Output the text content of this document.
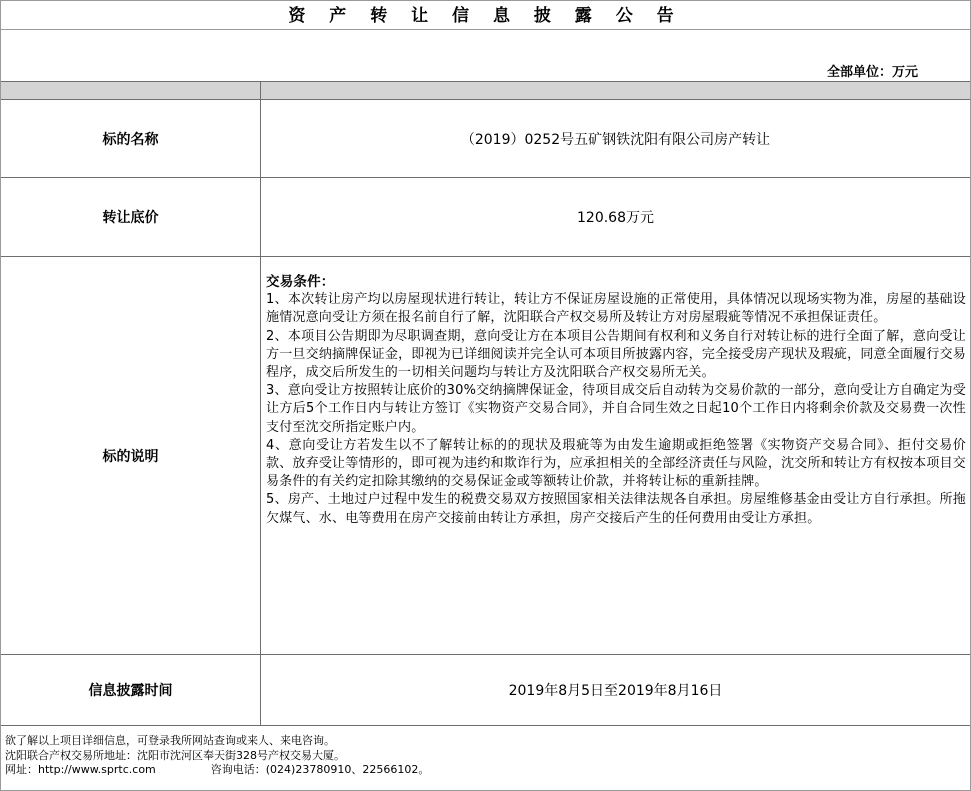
资 产 转 让 信 息 披 露 公 告
全部单位：万元
标的名称	（2019）0252号五矿钢铁沈阳有限公司房产转让
转让底价	120.68万元
标的说明

交易条件：

1、本次转让房产均以房屋现状进行转让，转让方不保证房屋设施的正常使用，具体情况以现场实物为准，房屋的基础设施情况意向受让方须在报名前自行了解，沈阳联合产权交易所及转让方对房屋瑕疵等情况不承担保证责任。

2、本项目公告期即为尽职调查期，意向受让方在本项目公告期间有权利和义务自行对转让标的进行全面了解，意向受让方一旦交纳摘牌保证金，即视为已详细阅读并完全认可本项目所披露内容，完全接受房产现状及瑕疵，同意全面履行交易程序，成交后所发生的一切相关问题均与转让方及沈阳联合产权交易所无关。

3、意向受让方按照转让底价的30%交纳摘牌保证金，待项目成交后自动转为交易价款的一部分，意向受让方自确定为受让方后5个工作日内与转让方签订《实物资产交易合同》，并自合同生效之日起10个工作日内将剩余价款及交易费一次性支付至沈交所指定账户内。

4、意向受让方若发生以不了解转让标的的现状及瑕疵等为由发生逾期或拒绝签署《实物资产交易合同》、拒付交易价款、放弃受让等情形的，即可视为违约和欺诈行为，应承担相关的全部经济责任与风险，沈交所和转让方有权按本项目交易条件的有关约定扣除其缴纳的交易保证金或等额转让价款，并将转让标的重新挂牌。

5、房产、土地过户过程中发生的税费交易双方按照国家相关法律法规各自承担。房屋维修基金由受让方自行承担。所拖欠煤气、水、电等费用在房产交接前由转让方承担，房产交接后产生的任何费用由受让方承担。

信息披露时间	2019年8月5日至2019年8月16日
欲了解以上项目详细信息，可登录我所网站查询或来人、来电咨询。
沈阳联合产权交易所地址：沈阳市沈河区奉天街328号产权交易大厦。
网址：http://www.sprtc.com	咨询电话：(024)23780910、22566102。
